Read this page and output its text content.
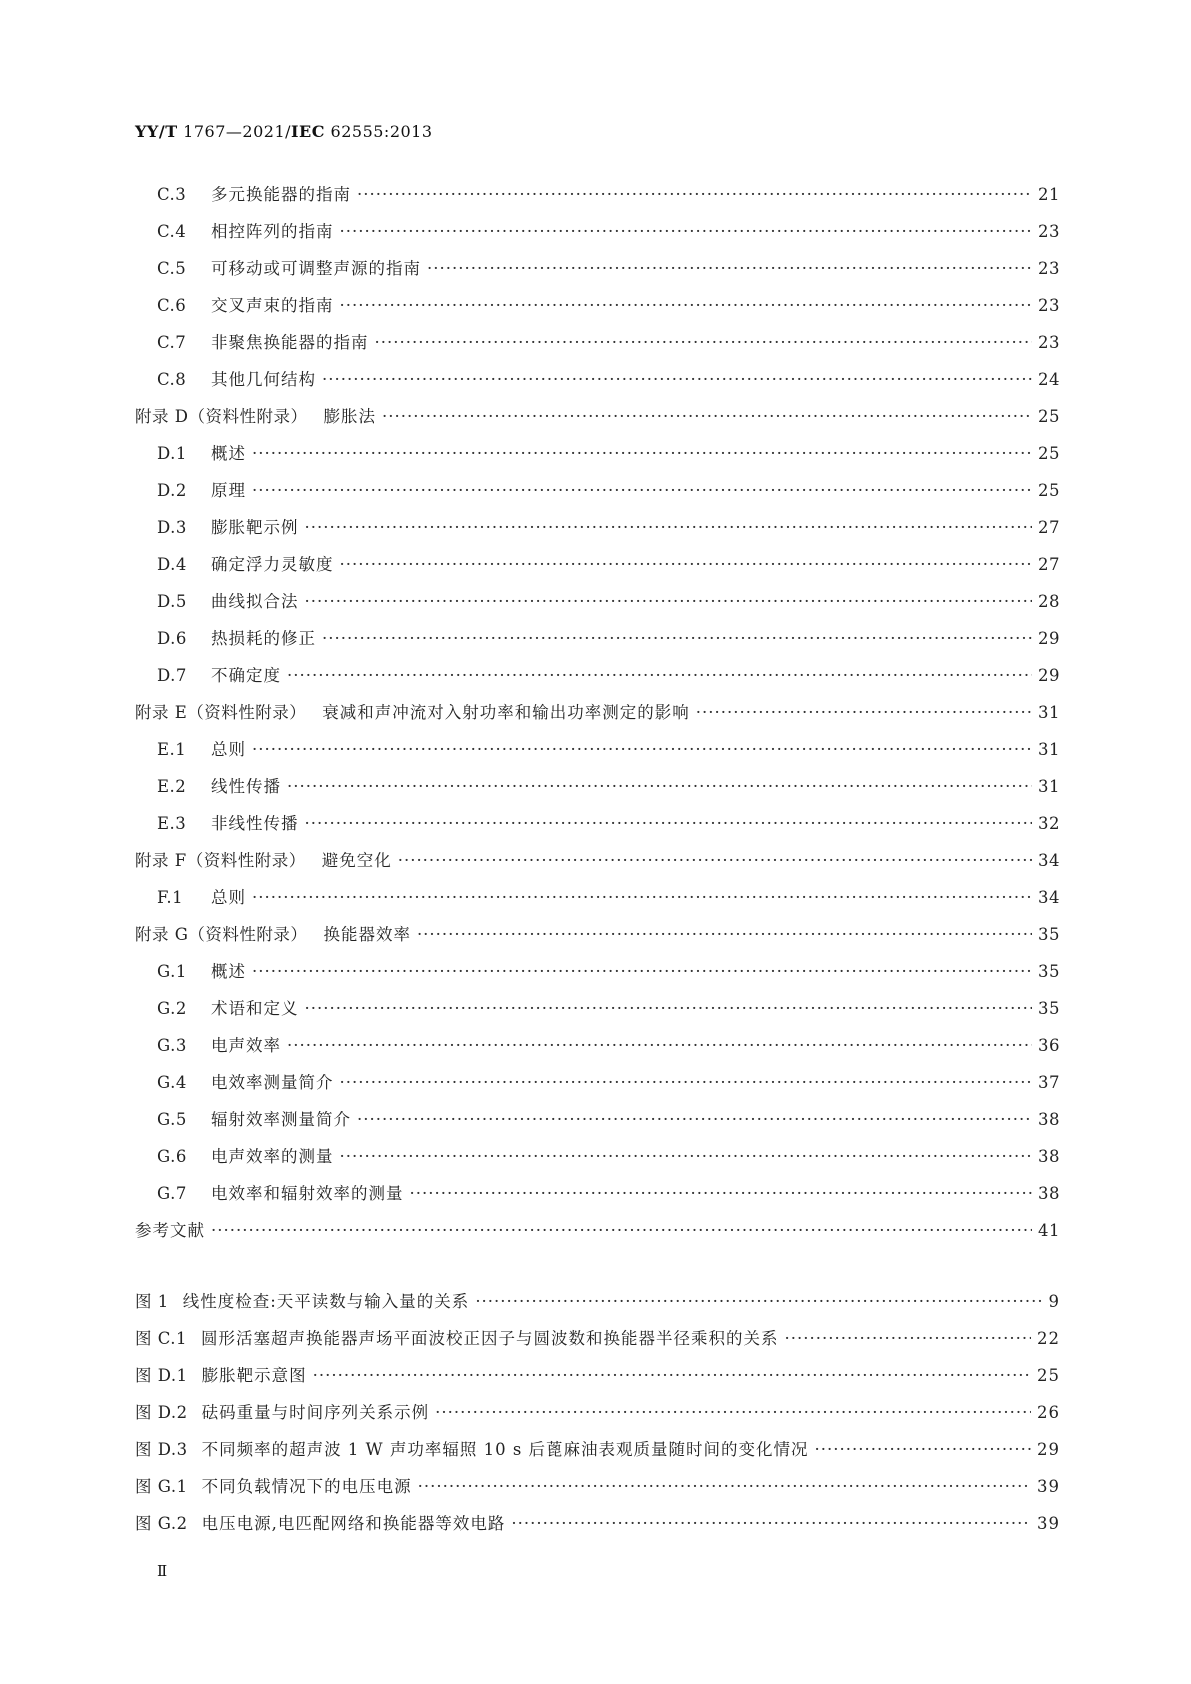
YY/T 1767—2021/IEC 62555:2013
C.3	多元换能器的指南 ·····	21
C.4	相控阵列的指南 ·····	23
C.5	可移动或可调整声源的指南 ·····	23
C.6	交叉声束的指南 ·····	23
C.7	非聚焦换能器的指南 ·····	23
C.8	其他几何结构 ·····	24
附录 D（资料性附录） 膨胀法 ·····	25
D.1	概述 ·····	25
D.2	原理 ·····	25
D.3	膨胀靶示例 ·····	27
D.4	确定浮力灵敏度 ·····	27
D.5	曲线拟合法 ·····	28
D.6	热损耗的修正 ·····	29
D.7	不确定度 ·····	29
附录 E（资料性附录） 衰减和声冲流对入射功率和输出功率测定的影响 ·····	31
E.1	总则 ·····	31
E.2	线性传播 ·····	31
E.3	非线性传播 ·····	32
附录 F（资料性附录） 避免空化 ·····	34
F.1	总则 ·····	34
附录 G（资料性附录） 换能器效率 ·····	35
G.1	概述 ·····	35
G.2	术语和定义 ·····	35
G.3	电声效率 ·····	36
G.4	电效率测量简介 ·····	37
G.5	辐射效率测量简介 ·····	38
G.6	电声效率的测量 ·····	38
G.7	电效率和辐射效率的测量 ·····	38
参考文献 ·····	41
图 1 线性度检查:天平读数与输入量的关系 ·····	9
图 C.1 圆形活塞超声换能器声场平面波校正因子与圆波数和换能器半径乘积的关系 ·····	22
图 D.1 膨胀靶示意图 ·····	25
图 D.2 砝码重量与时间序列关系示例 ·····	26
图 D.3 不同频率的超声波 1 W 声功率辐照 10 s 后蓖麻油表观质量随时间的变化情况 ·····	29
图 G.1 不同负载情况下的电压电源 ·····	39
图 G.2 电压电源,电匹配网络和换能器等效电路 ·····	39
Ⅱ
